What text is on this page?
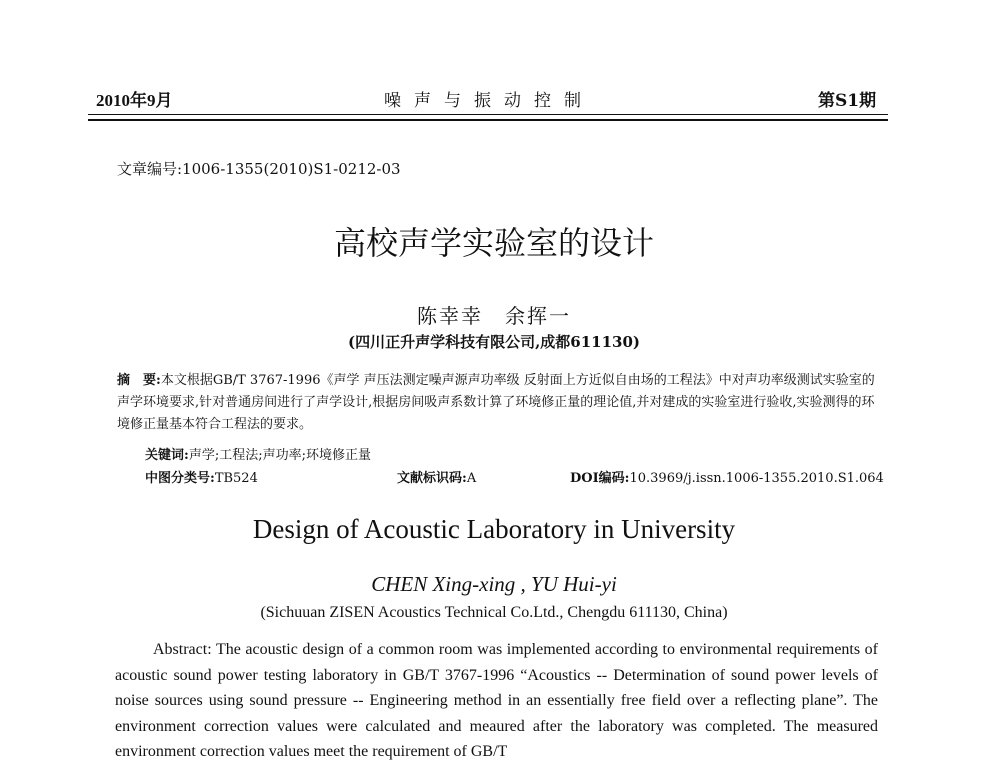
2010年9月	噪声与振动控制	第S1期
文章编号:1006-1355(2010)S1-0212-03
高校声学实验室的设计
陈幸幸　余挥一
(四川正升声学科技有限公司,成都611130)
摘　要:本文根据GB/T 3767-1996《声学 声压法测定噪声源声功率级 反射面上方近似自由场的工程法》中对声功率级测试实验室的声学环境要求,针对普通房间进行了声学设计,根据房间吸声系数计算了环境修正量的理论值,并对建成的实验室进行验收,实验测得的环境修正量基本符合工程法的要求。
关键词:声学;工程法;声功率;环境修正量
中图分类号:TB524	文献标识码:A	DOI编码:10.3969/j.issn.1006-1355.2010.S1.064
Design of Acoustic Laboratory in University
CHEN Xing-xing , YU Hui-yi
(Sichuuan ZISEN Acoustics Technical Co.Ltd., Chengdu 611130, China)
Abstract: The acoustic design of a common room was implemented according to environmental requirements of acoustic sound power testing laboratory in GB/T 3767-1996 “Acoustics -- Determination of sound power levels of noise sources using sound pressure -- Engineering method in an essentially free field over a reflecting plane”. The environment correction values were calculated and meaured after the laboratory was completed. The measured environment correction values meet the requirement of GB/T
